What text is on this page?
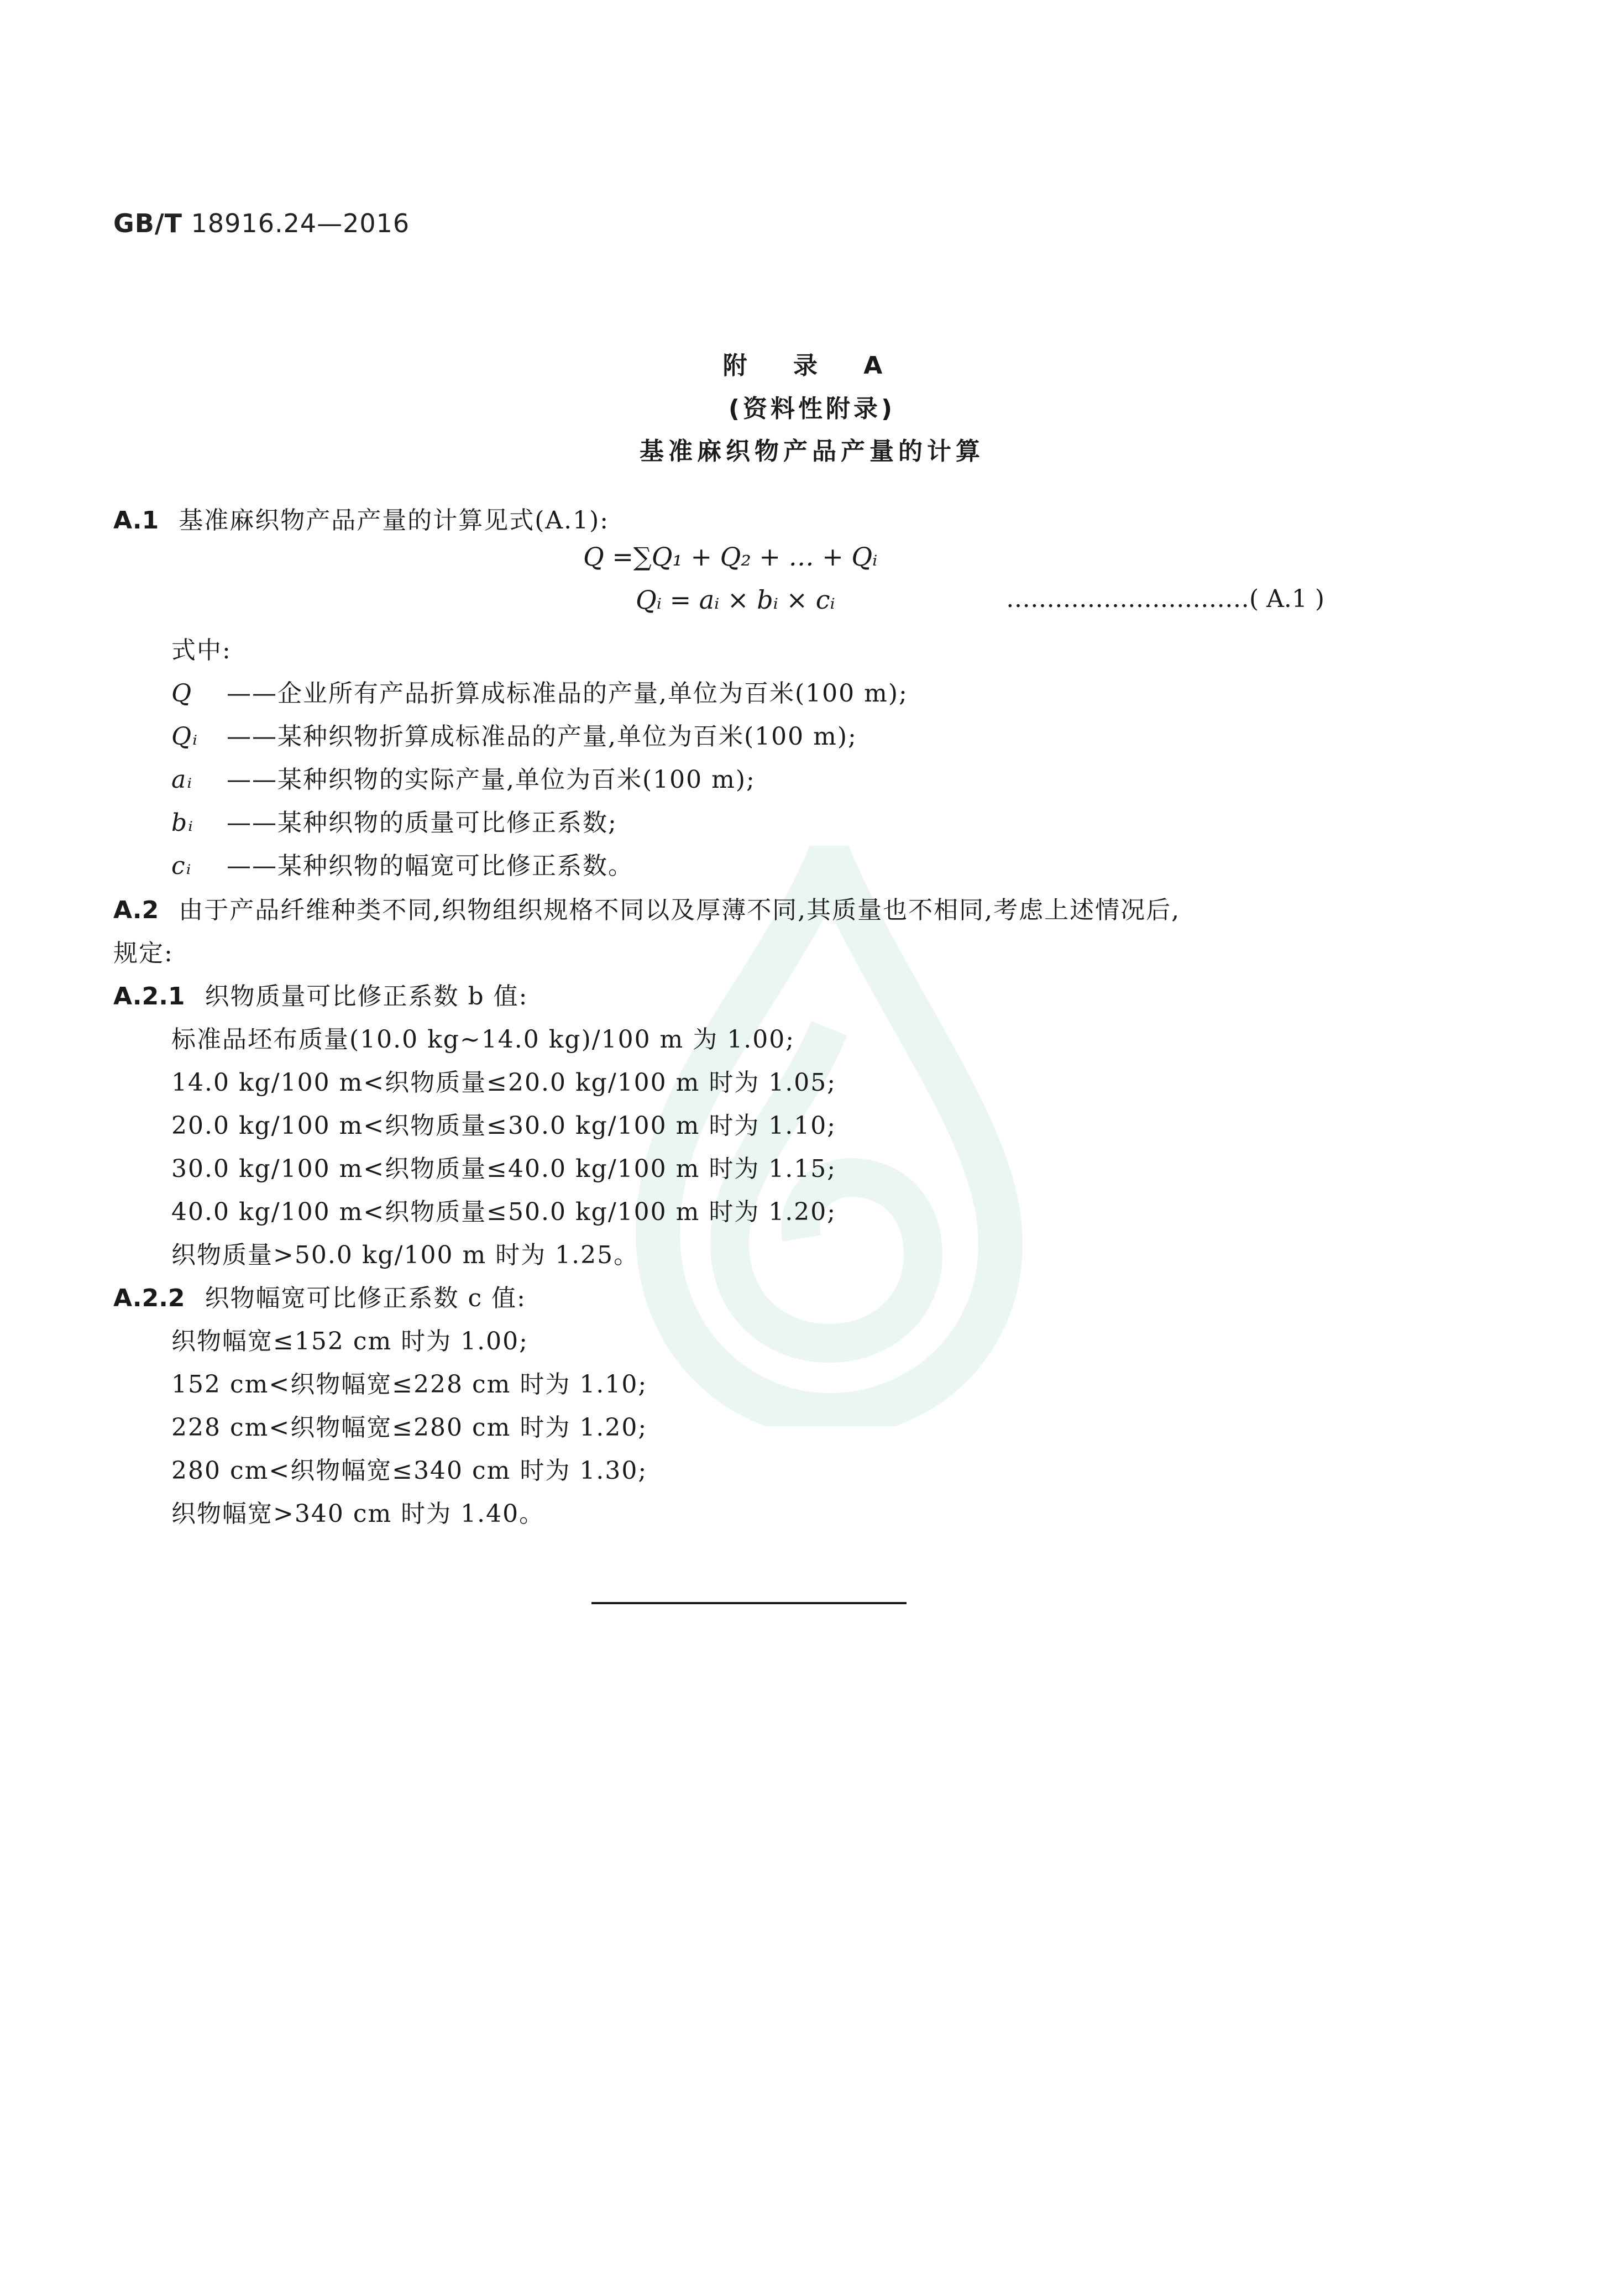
GB/T 18916.24—2016
附 录 A
(资料性附录)
基准麻织物产品产量的计算
A.1 基准麻织物产品产量的计算见式(A.1):
Q =∑Q₁ + Q₂ + … + Qᵢ
Qᵢ = aᵢ × bᵢ × cᵢ	…………………………( A.1 )
式中:
Q ——企业所有产品折算成标准品的产量,单位为百米(100 m);
Qᵢ ——某种织物折算成标准品的产量,单位为百米(100 m);
aᵢ ——某种织物的实际产量,单位为百米(100 m);
bᵢ ——某种织物的质量可比修正系数;
cᵢ ——某种织物的幅宽可比修正系数。
A.2 由于产品纤维种类不同,织物组织规格不同以及厚薄不同,其质量也不相同,考虑上述情况后,
规定:
A.2.1 织物质量可比修正系数 b 值:
标准品坯布质量(10.0 kg~14.0 kg)/100 m 为 1.00;
14.0 kg/100 m<织物质量≤20.0 kg/100 m 时为 1.05;
20.0 kg/100 m<织物质量≤30.0 kg/100 m 时为 1.10;
30.0 kg/100 m<织物质量≤40.0 kg/100 m 时为 1.15;
40.0 kg/100 m<织物质量≤50.0 kg/100 m 时为 1.20;
织物质量>50.0 kg/100 m 时为 1.25。
A.2.2 织物幅宽可比修正系数 c 值:
织物幅宽≤152 cm 时为 1.00;
152 cm<织物幅宽≤228 cm 时为 1.10;
228 cm<织物幅宽≤280 cm 时为 1.20;
280 cm<织物幅宽≤340 cm 时为 1.30;
织物幅宽>340 cm 时为 1.40。
